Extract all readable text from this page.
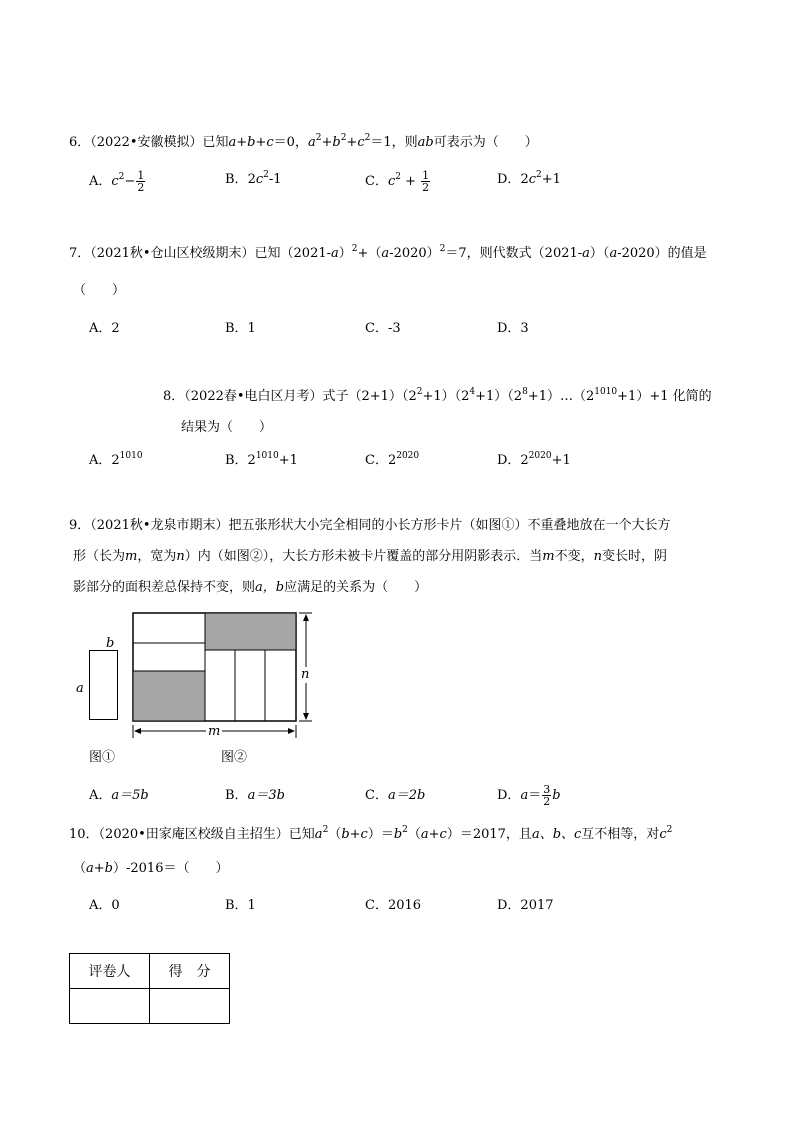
6．（2022•安徽模拟）已知a+b+c＝0，$a^2+b^2+c^2=1$，则ab可表示为（　　）
A．$c^2- \frac{1}{2}$	B．$2c^2-1$	C．$c^2 + \frac{1}{2}$	D．$2c^2+1$
7．（2021秋•仓山区校级期末）已知$(2021-a)^2+(a-2020)^2=7$，则代数式（2021-a）（a-2020）的值是
（　　）
A．2	B．1	C．-3	D．3
8．（2022春•电白区月考）式子$(2+1)(2^2+1)(2^4+1)(2^8+1)\dots(2^{1010}+1)+1$ 化简的
结果为（　　）
A．$2^{1010}$	B．$2^{1010}+1$	C．$2^{2020}$	D．$2^{2020}+1$
9．（2021秋•龙泉市期末）把五张形状大小完全相同的小长方形卡片（如图①）不重叠地放在一个大长方
形（长为m，宽为n）内（如图②），大长方形未被卡片覆盖的部分用阴影表示．当m不变，n变长时，阴
影部分的面积差总保持不变，则a，b应满足的关系为（　　）
b
a
图①
m
n
图②
A．a＝5b	B．a＝3b	C．a＝2b	D．$a= \frac{3}{2}$ b
10．（2020•田家庵区校级自主招生）已知$a^2(b+c)=b^2(a+c)=2017$，且a、b、c互不相等，对$c^2$
（a+b）-2016＝（　　）
A．0	B．1	C．2016	D．2017
评卷人	得　分
